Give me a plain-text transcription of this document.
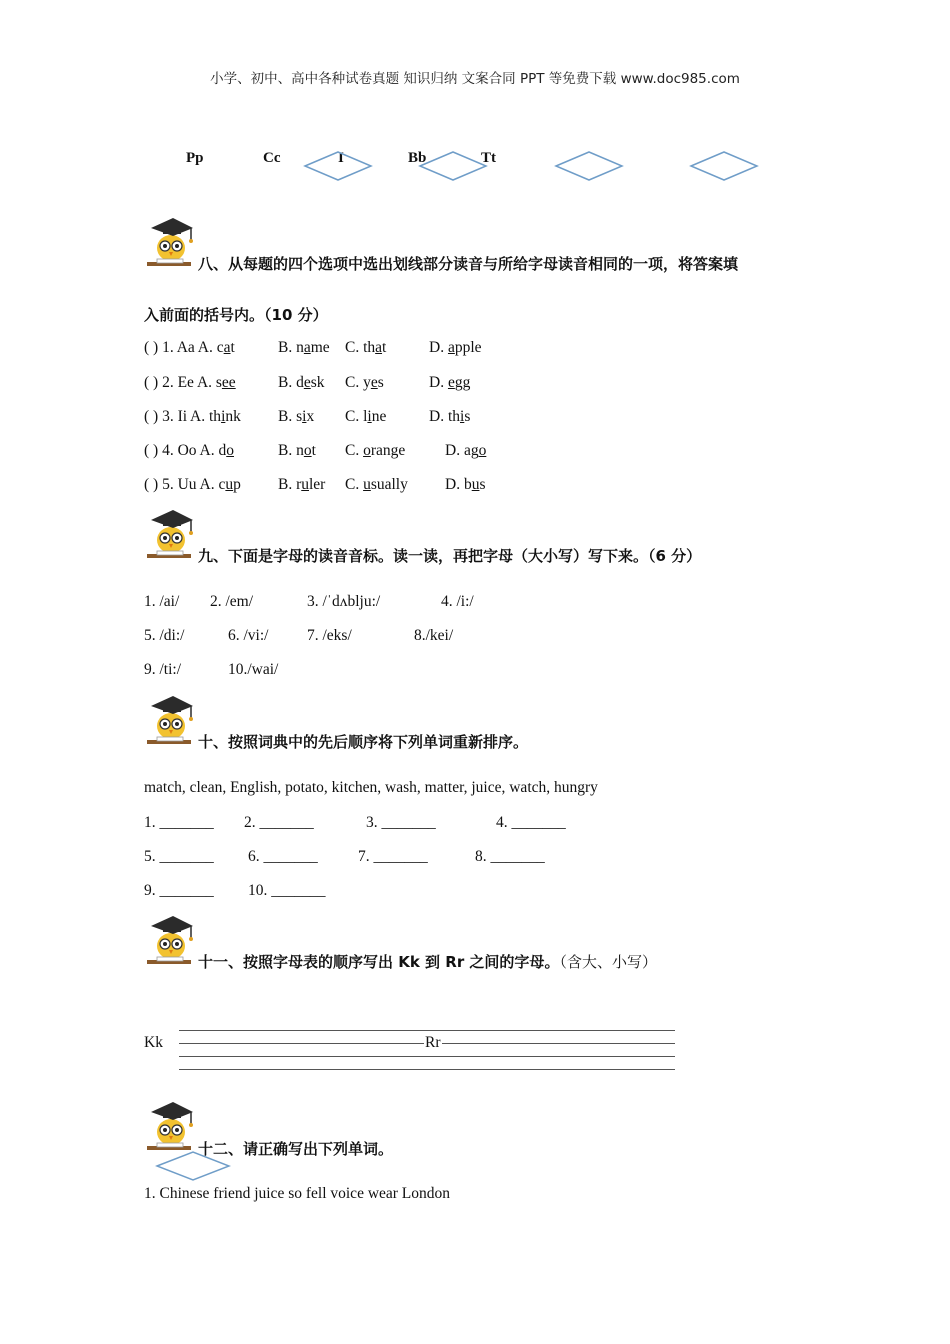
小学、初中、高中各种试卷真题 知识归纳 文案合同 PPT 等免费下载 www.doc985.com
Pp	Cc	I	Bb	Tt
八、从每题的四个选项中选出划线部分读音与所给字母读音相同的一项，将答案填
入前面的括号内。（10 分）
( ) 1. Aa A. cat	B. name C. that	D. apple
( ) 2. Ee A. see	B. desk C. yes	D. egg
( ) 3. Ii A. think B. six C. line	D. this
( ) 4. Oo A. do	B. not C. orange	D. ago
( ) 5. Uu A. cup B. ruler C. usually D. bus
九、下面是字母的读音音标。读一读，再把字母（大小写）写下来。（6 分）
1. /ai/ 2. /em/	3. /ˈdʌblju:/	4. /i:/
5. /di:/	6. /vi:/ 7. /eks/	8./kei/
9. /ti:/	10./wai/
十、按照词典中的先后顺序将下列单词重新排序。
match, clean, English, potato, kitchen, wash, matter, juice, watch, hungry
1. _______ 2. _______	3. _______	4. _______
5. _______ 6. _______	7. _______	8. _______
9. _______ 10. _______
十一、按照字母表的顺序写出 Kk 到 Rr 之间的字母。（含大、小写）
Kk	Rr
十二、请正确写出下列单词。
1. Chinese friend juice so fell voice wear London
